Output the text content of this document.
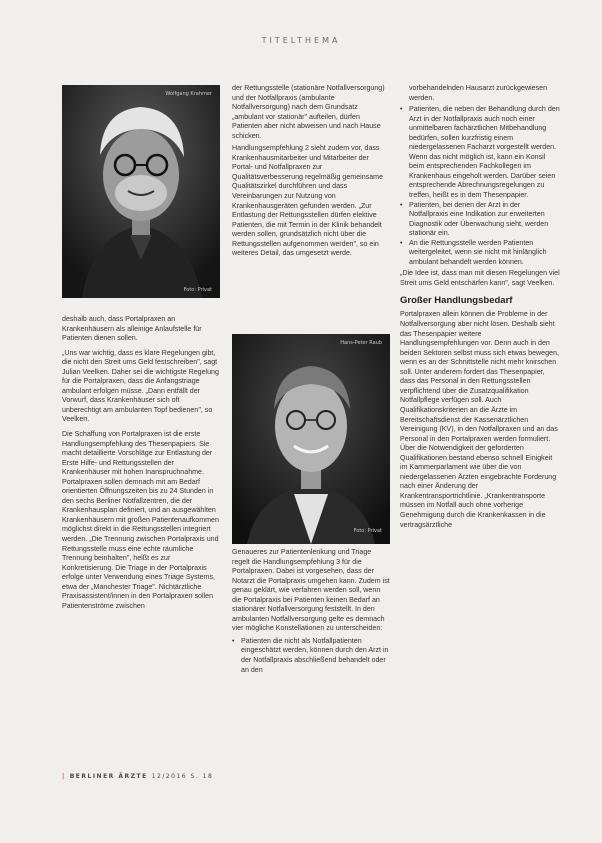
TITELTHEMA
Wolfgang Krahmer
Foto: Privat
Hans-Peter Raub
Foto: Privat

deshalb auch, dass Portalpraxen an Krankenhäusern als alleinige Anlaufstelle für Patienten dienen sollen.

„Uns war wichtig, dass es klare Regelungen gibt, die nicht den Streit ums Geld festschreiben", sagt Julian Veelken. Daher sei die wichtigste Regelung für die Portalpraxen, dass die Anfangstriage ambulant erfolgen müsse. „Dann entfällt der Vorwurf, dass Krankenhäuser sich oft unberechtigt am ambulanten Topf bedienen", so Veelken.

Die Schaffung von Portalpraxen ist die erste Handlungsempfehlung des Thesenpapiers. Sie macht detaillierte Vorschläge zur Entlastung der Erste Hilfe- und Rettungsstellen der Krankenhäuser mit hohen Inanspruchnahme. Portalpraxen sollen demnach mit am Bedarf orientierten Öffnungszeiten bis zu 24 Stunden in den sechs Berliner Notfallzentren, die der Krankenhausplan definiert, und an ausgewählten Krankenhäusern mit großen Patientenaufkommen möglichst direkt in die Rettungsstellen integriert werden. „Die Trennung zwischen Portalpraxis und Rettungsstelle muss eine echte räumliche Trennung beinhalten", heißt es zur Konkretisierung. Die Triage in der Portalpraxis erfolge unter Verwendung eines Triage Systems, etwa der „Manchester Triage". Nichtärztliche Praxisassistent/innen in den Portalpraxen sollen Patientenströme zwischen

der Rettungsstelle (stationäre Notfallversorgung) und der Notfallpraxis (ambulante Notfallversorgung) nach dem Grundsatz „ambulant vor stationär" aufteilen, dürfen Patienten aber nicht abweisen und nach Hause schicken.

Handlungsempfehlung 2 sieht zudem vor, dass Krankenhausmitarbeiter und Mitarbeiter der Portal- und Notfallpraxen zur Qualitätsverbesserung regelmäßig gemeinsame Qualitätszirkel durchführen und dass Vereinbarungen zur Nutzung von Krankenhausgeräten gefunden werden. „Zur Entlastung der Rettungsstellen dürfen elektive Patienten, die mit Termin in der Klinik behandelt werden sollen, grundsätzlich nicht über die Rettungsstellen aufgenommen werden", so ein weiteres Detail, das umgesetzt werde.

Genaueres zur Patientenlenkung und Triage regelt die Handlungsempfehlung 3 für die Portalpraxen. Dabei ist vorgesehen, dass der Notarzt die Portalpraxis umgehen kann. Zudem ist genau geklärt, wie verfahren werden soll, wenn die Portalpraxis bei Patienten keinen Bedarf an stationärer Notfallversorgung feststellt. In den ambulanten Notfallversorgung gelte es demnach vier mögliche Konstellationen zu unterscheiden:

• Patienten die nicht als Notfallpatienten eingeschätzt werden, können durch den Arzt in der Notfallpraxis abschließend behandelt oder an den

vorbehandelnden Hausarzt zurückgewiesen werden.

• Patienten, die neben der Behandlung durch den Arzt in der Notfallpraxis auch noch einer unmittelbaren fachärztlichen Mitbehandlung bedürfen, sollen kurzfristig einem niedergelassenen Facharzt vorgestellt werden. Wenn das nicht möglich ist, kann ein Konsil beim entsprechenden Fachkollegen im Krankenhaus eingeholt werden. Darüber seien entsprechende Abrechnungsregelungen zu treffen, heißt es in dem Thesenpapier.
• Patienten, bei denen der Arzt in der Notfallpraxis eine Indikation zur erweiterten Diagnostik oder Überwachung sieht, werden stationär ein.
• An die Rettungsstelle werden Patienten weitergeleitet, wenn sie nicht mit hinlänglich ambulant behandelt werden können.

„Die Idee ist, dass man mit diesen Regelungen viel Streit ums Geld entschärfen kann", sagt Veelken.

Großer Handlungsbedarf

Portalpraxen allein können die Probleme in der Notfallversorgung aber nicht lösen. Deshalb sieht das Thesenpapier weitere Handlungsempfehlungen vor. Denn auch in den beiden Sektoren selbst muss sich etwas bewegen, wenn es an der Schnittstelle nicht mehr knirschen soll. Unter anderem fordert das Thesenpapier, dass das Personal in den Rettungsstellen verpflichtend über die Zusatzqualifikation Notfallpflege verfügen soll. Auch Qualifikationskriterien an die Ärzte im Bereitschaftsdienst der Kassenärztlichen Vereinigung (KV), in den Notfallpraxen und an das Personal in den Portalpraxen werden formuliert.

Über die Notwendigkeit der geforderten Qualifikationen bestand ebenso schnell Einigkeit im Kammerparlament wie über die von niedergelassenen Ärzten eingebrachte Forderung nach einer Änderung der Krankentransportrichtlinie. „Krankentransporte müssen im Notfall auch ohne vorherige Genehmigung durch die Krankenkassen in die vertragsärztliche

| BERLINER ÄRZTE 12/2016 S. 18
